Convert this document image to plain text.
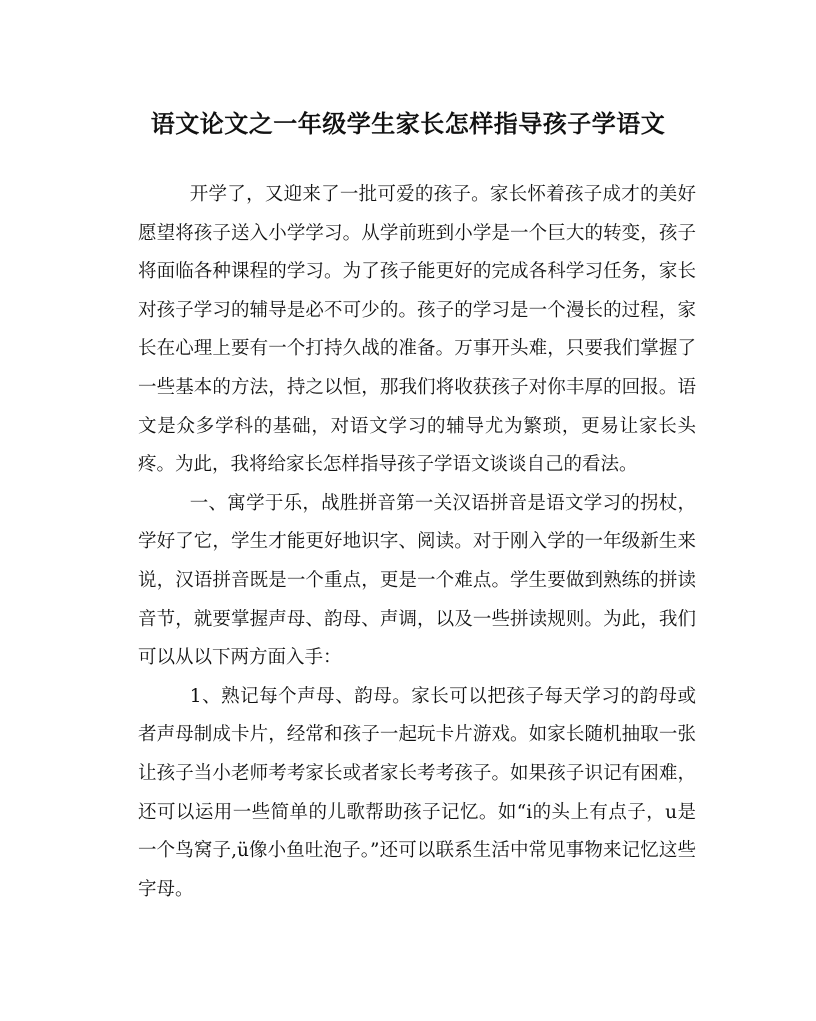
语文论文之一年级学生家长怎样指导孩子学语文

开学了，又迎来了一批可爱的孩子。家长怀着孩子成才的美好愿望将孩子送入小学学习。从学前班到小学是一个巨大的转变，孩子将面临各种课程的学习。为了孩子能更好的完成各科学习任务，家长对孩子学习的辅导是必不可少的。孩子的学习是一个漫长的过程，家长在心理上要有一个打持久战的准备。万事开头难，只要我们掌握了一些基本的方法，持之以恒，那我们将收获孩子对你丰厚的回报。语文是众多学科的基础，对语文学习的辅导尤为繁琐，更易让家长头疼。为此，我将给家长怎样指导孩子学语文谈谈自己的看法。

一、寓学于乐，战胜拼音第一关汉语拼音是语文学习的拐杖，学好了它，学生才能更好地识字、阅读。对于刚入学的一年级新生来说，汉语拼音既是一个重点，更是一个难点。学生要做到熟练的拼读音节，就要掌握声母、韵母、声调，以及一些拼读规则。为此，我们可以从以下两方面入手：

1、熟记每个声母、韵母。家长可以把孩子每天学习的韵母或者声母制成卡片，经常和孩子一起玩卡片游戏。如家长随机抽取一张让孩子当小老师考考家长或者家长考考孩子。如果孩子识记有困难，还可以运用一些简单的儿歌帮助孩子记忆。如“i的头上有点子，u是一个鸟窝子,ü像小鱼吐泡子。”还可以联系生活中常见事物来记忆这些字母。
